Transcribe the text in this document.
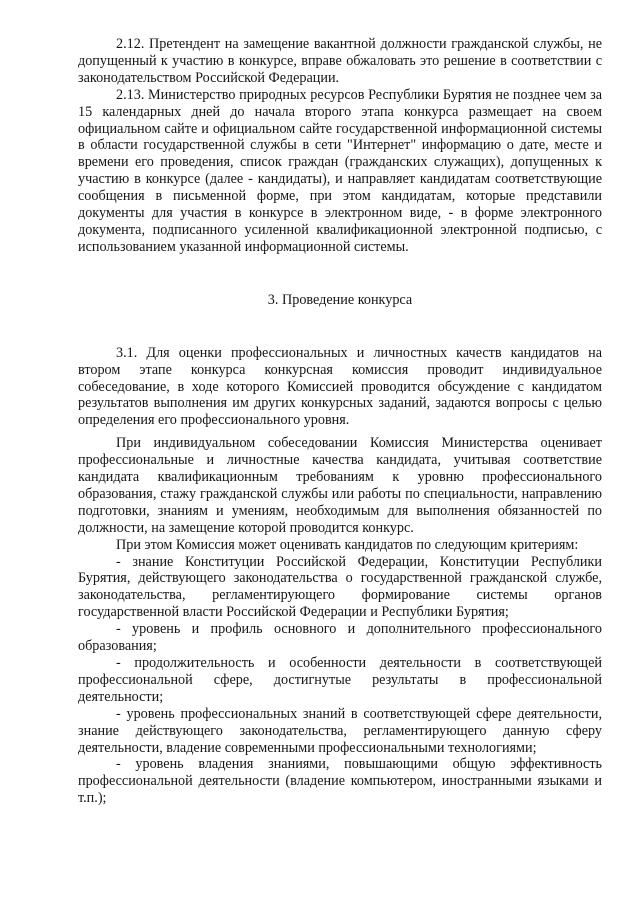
2.12. Претендент на замещение вакантной должности гражданской службы, не допущенный к участию в конкурсе, вправе обжаловать это решение в соответствии с законодательством Российской Федерации.

2.13. Министерство природных ресурсов Республики Бурятия не позднее чем за 15 календарных дней до начала второго этапа конкурса размещает на своем официальном сайте и официальном сайте государственной информационной системы в области государственной службы в сети "Интернет" информацию о дате, месте и времени его проведения, список граждан (гражданских служащих), допущенных к участию в конкурсе (далее - кандидаты), и направляет кандидатам соответствующие сообщения в письменной форме, при этом кандидатам, которые представили документы для участия в конкурсе в электронном виде, - в форме электронного документа, подписанного усиленной квалификационной электронной подписью, с использованием указанной информационной системы.

3. Проведение конкурса

3.1. Для оценки профессиональных и личностных качеств кандидатов на втором этапе конкурса конкурсная комиссия проводит индивидуальное собеседование, в ходе которого Комиссией проводится обсуждение с кандидатом результатов выполнения им других конкурсных заданий, задаются вопросы с целью определения его профессионального уровня.

При индивидуальном собеседовании Комиссия Министерства оценивает профессиональные и личностные качества кандидата, учитывая соответствие кандидата квалификационным требованиям к уровню профессионального образования, стажу гражданской службы или работы по специальности, направлению подготовки, знаниям и умениям, необходимым для выполнения обязанностей по должности, на замещение которой проводится конкурс.

При этом Комиссия может оценивать кандидатов по следующим критериям:

- знание Конституции Российской Федерации, Конституции Республики Бурятия, действующего законодательства о государственной гражданской службе, законодательства, регламентирующего формирование системы органов государственной власти Российской Федерации и Республики Бурятия;

- уровень и профиль основного и дополнительного профессионального образования;

- продолжительность и особенности деятельности в соответствующей профессиональной сфере, достигнутые результаты в профессиональной деятельности;

- уровень профессиональных знаний в соответствующей сфере деятельности, знание действующего законодательства, регламентирующего данную сферу деятельности, владение современными профессиональными технологиями;

- уровень владения знаниями, повышающими общую эффективность профессиональной деятельности (владение компьютером, иностранными языками и т.п.);
